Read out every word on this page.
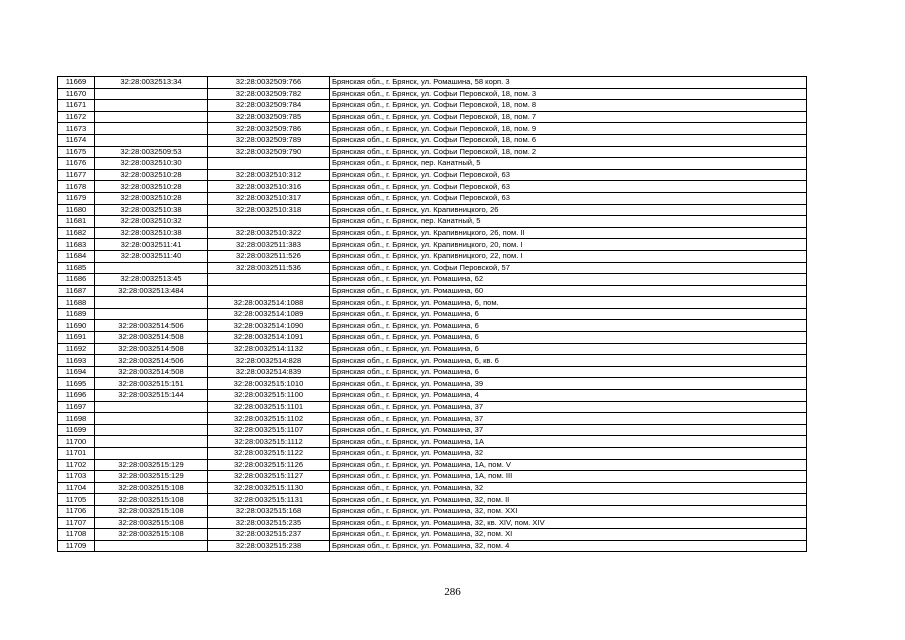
11669	32:28:0032513:34	32:28:0032509:766	Брянская обл., г. Брянск, ул. Ромашина, 58 корп. 3
11670		32:28:0032509:782	Брянская обл., г. Брянск, ул. Софьи Перовской, 18, пом. 3
11671		32:28:0032509:784	Брянская обл., г. Брянск, ул. Софьи Перовской, 18, пом. 8
11672		32:28:0032509:785	Брянская обл., г. Брянск, ул. Софьи Перовской, 18, пом. 7
11673		32:28:0032509:786	Брянская обл., г. Брянск, ул. Софьи Перовской, 18, пом. 9
11674		32:28:0032509:789	Брянская обл., г. Брянск, ул. Софьи Перовской, 18, пом. 6
11675	32:28:0032509:53	32:28:0032509:790	Брянская обл., г. Брянск, ул. Софьи Перовской, 18, пом. 2
11676	32:28:0032510:30		Брянская обл., г. Брянск, пер. Канатный, 5
11677	32:28:0032510:28	32:28:0032510:312	Брянская обл., г. Брянск, ул. Софьи Перовской, 63
11678	32:28:0032510:28	32:28:0032510:316	Брянская обл., г. Брянск, ул. Софьи Перовской, 63
11679	32:28:0032510:28	32:28:0032510:317	Брянская обл., г. Брянск, ул. Софьи Перовской, 63
11680	32:28:0032510:38	32:28:0032510:318	Брянская обл., г. Брянск, ул. Крапивницкого, 26
11681	32:28:0032510:32		Брянская обл., г. Брянск, пер. Канатный, 5
11682	32:28:0032510:38	32:28:0032510:322	Брянская обл., г. Брянск, ул. Крапивницкого, 26, пом. II
11683	32:28:0032511:41	32:28:0032511:383	Брянская обл., г. Брянск, ул. Крапивницкого, 20, пом. I
11684	32:28:0032511:40	32:28:0032511:526	Брянская обл., г. Брянск, ул. Крапивницкого, 22, пом. I
11685		32:28:0032511:536	Брянская обл., г. Брянск, ул. Софьи Перовской, 57
11686	32:28:0032513:45		Брянская обл., г. Брянск, ул. Ромашина, 62
11687	32:28:0032513:484		Брянская обл., г. Брянск, ул. Ромашина, 60
11688		32:28:0032514:1088	Брянская обл., г. Брянск, ул. Ромашина, 6, пом.
11689		32:28:0032514:1089	Брянская обл., г. Брянск, ул. Ромашина, 6
11690	32:28:0032514:506	32:28:0032514:1090	Брянская обл., г. Брянск, ул. Ромашина, 6
11691	32:28:0032514:508	32:28:0032514:1091	Брянская обл., г. Брянск, ул. Ромашина, 6
11692	32:28:0032514:508	32:28:0032514:1132	Брянская обл., г. Брянск, ул. Ромашина, 6
11693	32:28:0032514:506	32:28:0032514:828	Брянская обл., г. Брянск, ул. Ромашина, 6, кв. 6
11694	32:28:0032514:508	32:28:0032514:839	Брянская обл., г. Брянск, ул. Ромашина, 6
11695	32:28:0032515:151	32:28:0032515:1010	Брянская обл., г. Брянск, ул. Ромашина, 39
11696	32:28:0032515:144	32:28:0032515:1100	Брянская обл., г. Брянск, ул. Ромашина, 4
11697		32:28:0032515:1101	Брянская обл., г. Брянск, ул. Ромашина, 37
11698		32:28:0032515:1102	Брянская обл., г. Брянск, ул. Ромашина, 37
11699		32:28:0032515:1107	Брянская обл., г. Брянск, ул. Ромашина, 37
11700		32:28:0032515:1112	Брянская обл., г. Брянск, ул. Ромашина, 1А
11701		32:28:0032515:1122	Брянская обл., г. Брянск, ул. Ромашина, 32
11702	32:28:0032515:129	32:28:0032515:1126	Брянская обл., г. Брянск, ул. Ромашина, 1А, пом. V
11703	32:28:0032515:129	32:28:0032515:1127	Брянская обл., г. Брянск, ул. Ромашина, 1А, пом. III
11704	32:28:0032515:108	32:28:0032515:1130	Брянская обл., г. Брянск, ул. Ромашина, 32
11705	32:28:0032515:108	32:28:0032515:1131	Брянская обл., г. Брянск, ул. Ромашина, 32, пом. II
11706	32:28:0032515:108	32:28:0032515:168	Брянская обл., г. Брянск, ул. Ромашина, 32, пом. XXI
11707	32:28:0032515:108	32:28:0032515:235	Брянская обл., г. Брянск, ул. Ромашина, 32, кв. XIV, пом. XIV
11708	32:28:0032515:108	32:28:0032515:237	Брянская обл., г. Брянск, ул. Ромашина, 32, пом. XI
11709		32:28:0032515:238	Брянская обл., г. Брянск, ул. Ромашина, 32, пом. 4
286
